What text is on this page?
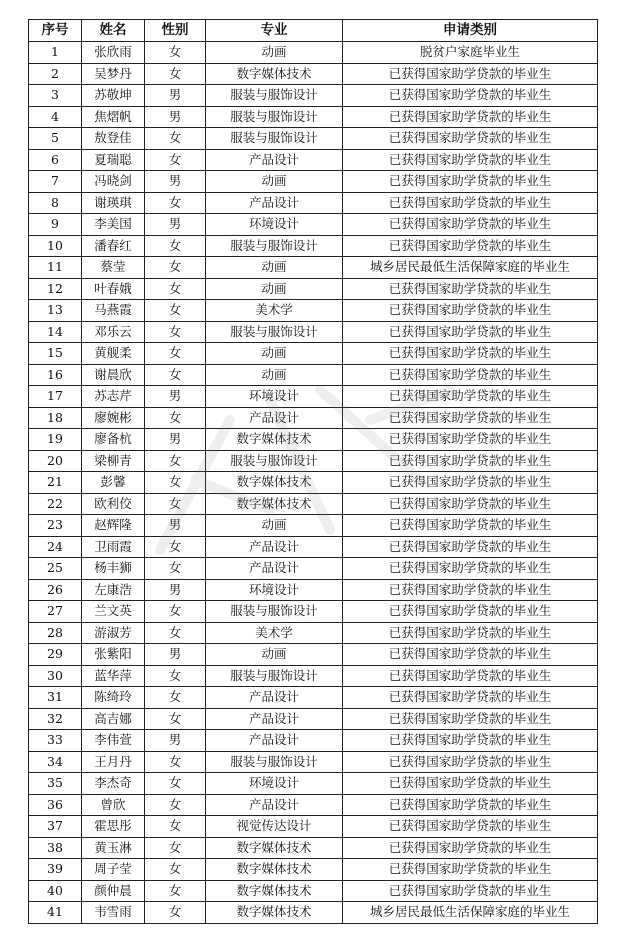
序号	姓名	性别	专业	申请类别
1	张欣雨	女	动画	脱贫户家庭毕业生
2	吴梦丹	女	数字媒体技术	已获得国家助学贷款的毕业生
3	苏敬坤	男	服装与服饰设计	已获得国家助学贷款的毕业生
4	焦熠帆	男	服装与服饰设计	已获得国家助学贷款的毕业生
5	敖登佳	女	服装与服饰设计	已获得国家助学贷款的毕业生
6	夏瑞聪	女	产品设计	已获得国家助学贷款的毕业生
7	冯晓剑	男	动画	已获得国家助学贷款的毕业生
8	谢瑛琪	女	产品设计	已获得国家助学贷款的毕业生
9	李美国	男	环境设计	已获得国家助学贷款的毕业生
10	潘春红	女	服装与服饰设计	已获得国家助学贷款的毕业生
11	蔡莹	女	动画	城乡居民最低生活保障家庭的毕业生
12	叶春娥	女	动画	已获得国家助学贷款的毕业生
13	马燕霞	女	美术学	已获得国家助学贷款的毕业生
14	邓乐云	女	服装与服饰设计	已获得国家助学贷款的毕业生
15	黄舰柔	女	动画	已获得国家助学贷款的毕业生
16	谢晨欣	女	动画	已获得国家助学贷款的毕业生
17	苏志芹	男	环境设计	已获得国家助学贷款的毕业生
18	廖婉彬	女	产品设计	已获得国家助学贷款的毕业生
19	廖备杭	男	数字媒体技术	已获得国家助学贷款的毕业生
20	梁柳青	女	服装与服饰设计	已获得国家助学贷款的毕业生
21	彭馨	女	数字媒体技术	已获得国家助学贷款的毕业生
22	欧利佼	女	数字媒体技术	已获得国家助学贷款的毕业生
23	赵辉隆	男	动画	已获得国家助学贷款的毕业生
24	卫雨霞	女	产品设计	已获得国家助学贷款的毕业生
25	杨丰狮	女	产品设计	已获得国家助学贷款的毕业生
26	左康浩	男	环境设计	已获得国家助学贷款的毕业生
27	兰文英	女	服装与服饰设计	已获得国家助学贷款的毕业生
28	游淑芳	女	美术学	已获得国家助学贷款的毕业生
29	张紫阳	男	动画	已获得国家助学贷款的毕业生
30	蓝华萍	女	服装与服饰设计	已获得国家助学贷款的毕业生
31	陈绮玲	女	产品设计	已获得国家助学贷款的毕业生
32	高吉娜	女	产品设计	已获得国家助学贷款的毕业生
33	李伟萱	男	产品设计	已获得国家助学贷款的毕业生
34	王月丹	女	服装与服饰设计	已获得国家助学贷款的毕业生
35	李杰奇	女	环境设计	已获得国家助学贷款的毕业生
36	曾欣	女	产品设计	已获得国家助学贷款的毕业生
37	霍思彤	女	视觉传达设计	已获得国家助学贷款的毕业生
38	黄玉淋	女	数字媒体技术	已获得国家助学贷款的毕业生
39	周子莹	女	数字媒体技术	已获得国家助学贷款的毕业生
40	颜仲晨	女	数字媒体技术	已获得国家助学贷款的毕业生
41	韦雪雨	女	数字媒体技术	城乡居民最低生活保障家庭的毕业生
